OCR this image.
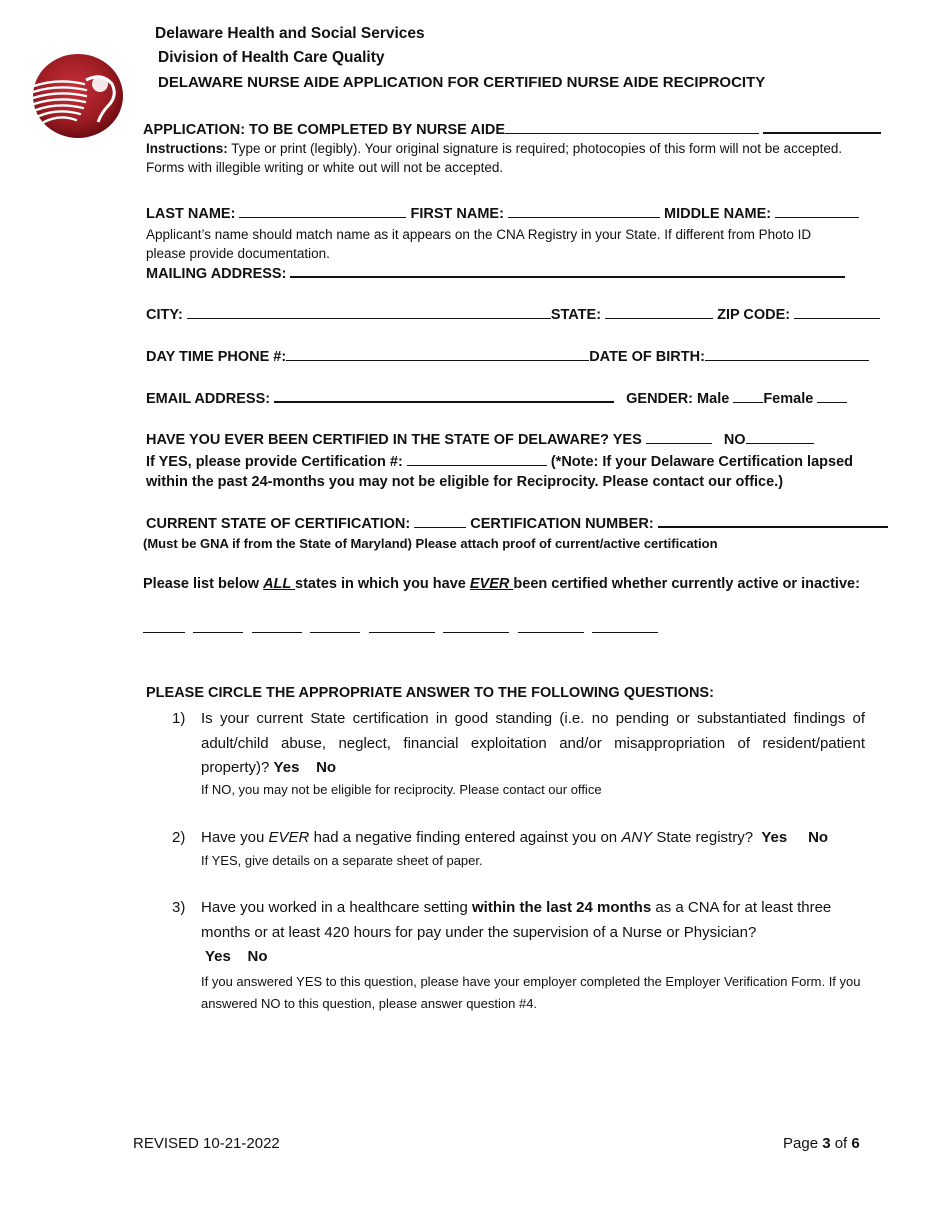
Delaware Health and Social Services
Division of Health Care Quality
DELAWARE NURSE AIDE APPLICATION FOR CERTIFIED NURSE AIDE RECIPROCITY
APPLICATION: TO BE COMPLETED BY NURSE AIDE
Instructions: Type or print (legibly). Your original signature is required; photocopies of this form will not be accepted.
Forms with illegible writing or white out will not be accepted.
LAST NAME:	FIRST NAME:	MIDDLE NAME:
Applicant’s name should match name as it appears on the CNA Registry in your State. If different from Photo ID
please provide documentation.
MAILING ADDRESS:
CITY:	STATE:	ZIP CODE:
DAY TIME PHONE #:	DATE OF BIRTH:
EMAIL ADDRESS:	GENDER: Male Female
HAVE YOU EVER BEEN CERTIFIED IN THE STATE OF DELAWARE? YES	NO
If YES, please provide Certification #:	(*Note: If your Delaware Certification lapsed
within the past 24-months you may not be eligible for Reciprocity. Please contact our office.)
CURRENT STATE OF CERTIFICATION:	CERTIFICATION NUMBER:
(Must be GNA if from the State of Maryland) Please attach proof of current/active certification
Please list below ALL states in which you have EVER been certified whether currently active or inactive:

PLEASE CIRCLE THE APPROPRIATE ANSWER TO THE FOLLOWING QUESTIONS:
1) Is your current State certification in good standing (i.e. no pending or substantiated findings of adult/child abuse, neglect, financial exploitation and/or misappropriation of resident/patient property)? Yes No
If NO, you may not be eligible for reciprocity. Please contact our office
2) Have you EVER had a negative finding entered against you on ANY State registry?  Yes No
If YES, give details on a separate sheet of paper.
3) Have you worked in a healthcare setting within the last 24 months as a CNA for at least three months or at least 420 hours for pay under the supervision of a Nurse or Physician?
Yes No
If you answered YES to this question, please have your employer completed the Employer Verification Form. If you answered NO to this question, please answer question #4.
REVISED 10-21-2022	Page 3 of 6
